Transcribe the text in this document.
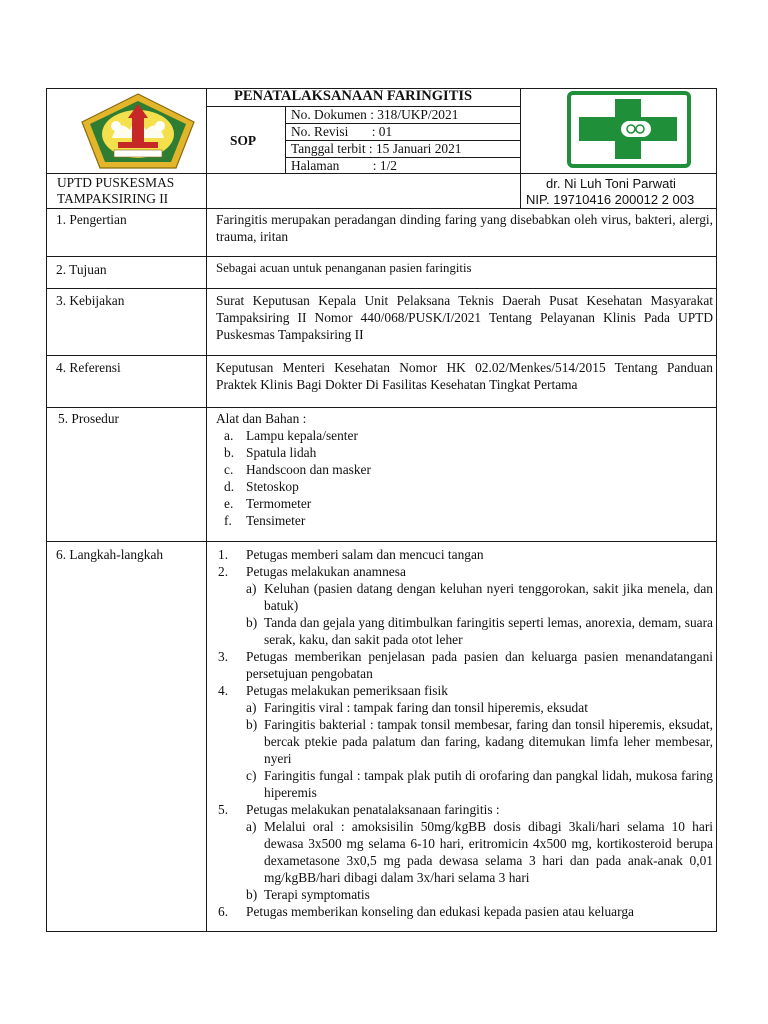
PENATALAKSANAAN FARINGITIS
SOP
No. Dokumen : 318/UKP/2021
No. Revisi       : 01
Tanggal terbit : 15 Januari 2021
Halaman          : 1/2
UPTD PUSKESMAS
TAMPAKSIRING II
dr. Ni Luh Toni Parwati
NIP. 19710416 200012 2 003
1. Pengertian
2. Tujuan
3. Kebijakan
4. Referensi
5. Prosedur
6. Langkah-langkah
Faringitis merupakan peradangan dinding faring yang disebabkan oleh virus, bakteri, alergi, trauma, iritan
Sebagai acuan untuk penanganan pasien faringitis
Surat Keputusan Kepala Unit Pelaksana Teknis Daerah Pusat Kesehatan Masyarakat Tampaksiring II Nomor 440/068/PUSK/I/2021 Tentang Pelayanan Klinis Pada UPTD Puskesmas Tampaksiring II
Keputusan Menteri Kesehatan Nomor HK 02.02/Menkes/514/2015 Tentang Panduan Praktek Klinis Bagi Dokter Di Fasilitas Kesehatan Tingkat Pertama
Alat dan Bahan :
a. Lampu kepala/senter
b. Spatula lidah
c. Handscoon dan masker
d. Stetoskop
e. Termometer
f. Tensimeter
1. Petugas memberi salam dan mencuci tangan
2. Petugas melakukan anamnesa
a) Keluhan (pasien datang dengan keluhan nyeri tenggorokan, sakit jika menela, dan batuk)
b) Tanda dan gejala yang ditimbulkan faringitis seperti lemas, anorexia, demam, suara serak, kaku, dan sakit pada otot leher
3. Petugas memberikan penjelasan pada pasien dan keluarga pasien menandatangani persetujuan pengobatan
4. Petugas melakukan pemeriksaan fisik
a) Faringitis viral : tampak faring dan tonsil hiperemis, eksudat
b) Faringitis bakterial : tampak tonsil membesar, faring dan tonsil hiperemis, eksudat, bercak ptekie pada palatum dan faring, kadang ditemukan limfa leher membesar, nyeri
c) Faringitis fungal : tampak plak putih di orofaring dan pangkal lidah, mukosa faring hiperemis
5. Petugas melakukan penatalaksanaan faringitis :
a) Melalui oral : amoksisilin 50mg/kgBB dosis dibagi 3kali/hari selama 10 hari dewasa 3x500 mg selama 6-10 hari, eritromicin 4x500 mg, kortikosteroid berupa dexametasone 3x0,5 mg pada dewasa selama 3 hari dan pada anak-anak 0,01 mg/kgBB/hari dibagi dalam 3x/hari selama 3 hari
b) Terapi symptomatis
6. Petugas memberikan konseling dan edukasi kepada pasien atau keluarga
